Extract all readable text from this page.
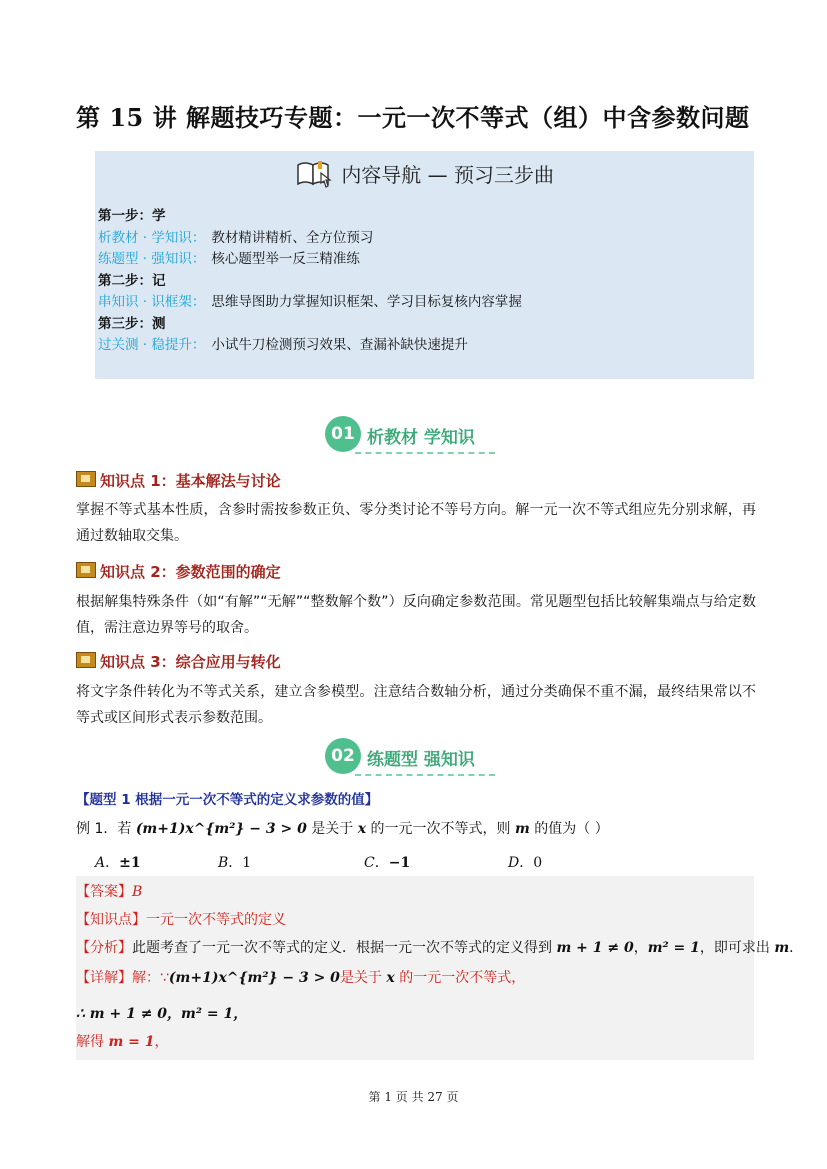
第 15 讲 解题技巧专题：一元一次不等式（组）中含参数问题
内容导航 — 预习三步曲
第一步：学
析教材 · 学知识： 教材精讲精析、全方位预习
练题型 · 强知识： 核心题型举一反三精准练
第二步：记
串知识 · 识框架： 思维导图助力掌握知识框架、学习目标复核内容掌握
第三步：测
过关测 · 稳提升： 小试牛刀检测预习效果、查漏补缺快速提升
01 析教材 学知识
知识点 1：基本解法与讨论
掌握不等式基本性质，含参时需按参数正负、零分类讨论不等号方向。解一元一次不等式组应先分别求解，再通过数轴取交集。
知识点 2：参数范围的确定
根据解集特殊条件（如“有解”“无解”“整数解个数”）反向确定参数范围。常见题型包括比较解集端点与给定数值，需注意边界等号的取舍。
知识点 3：综合应用与转化
将文字条件转化为不等式关系，建立含参模型。注意结合数轴分析，通过分类确保不重不漏，最终结果常以不等式或区间形式表示参数范围。
02 练题型 强知识
【题型 1 根据一元一次不等式的定义求参数的值】
例 1．若 (m+1)x^{m²} − 3 > 0 是关于 x 的一元一次不等式，则 m 的值为（ ）
A．±1	B．1	C．−1	D．0
【答案】B
【知识点】一元一次不等式的定义
【分析】此题考查了一元一次不等式的定义．根据一元一次不等式的定义得到 m + 1 ≠ 0，m² = 1，即可求出 m．
【详解】解：∵(m+1)x^{m²} − 3 > 0是关于 x 的一元一次不等式，
∴ m + 1 ≠ 0，m² = 1，
解得 m = 1，
第 1 页 共 27 页
